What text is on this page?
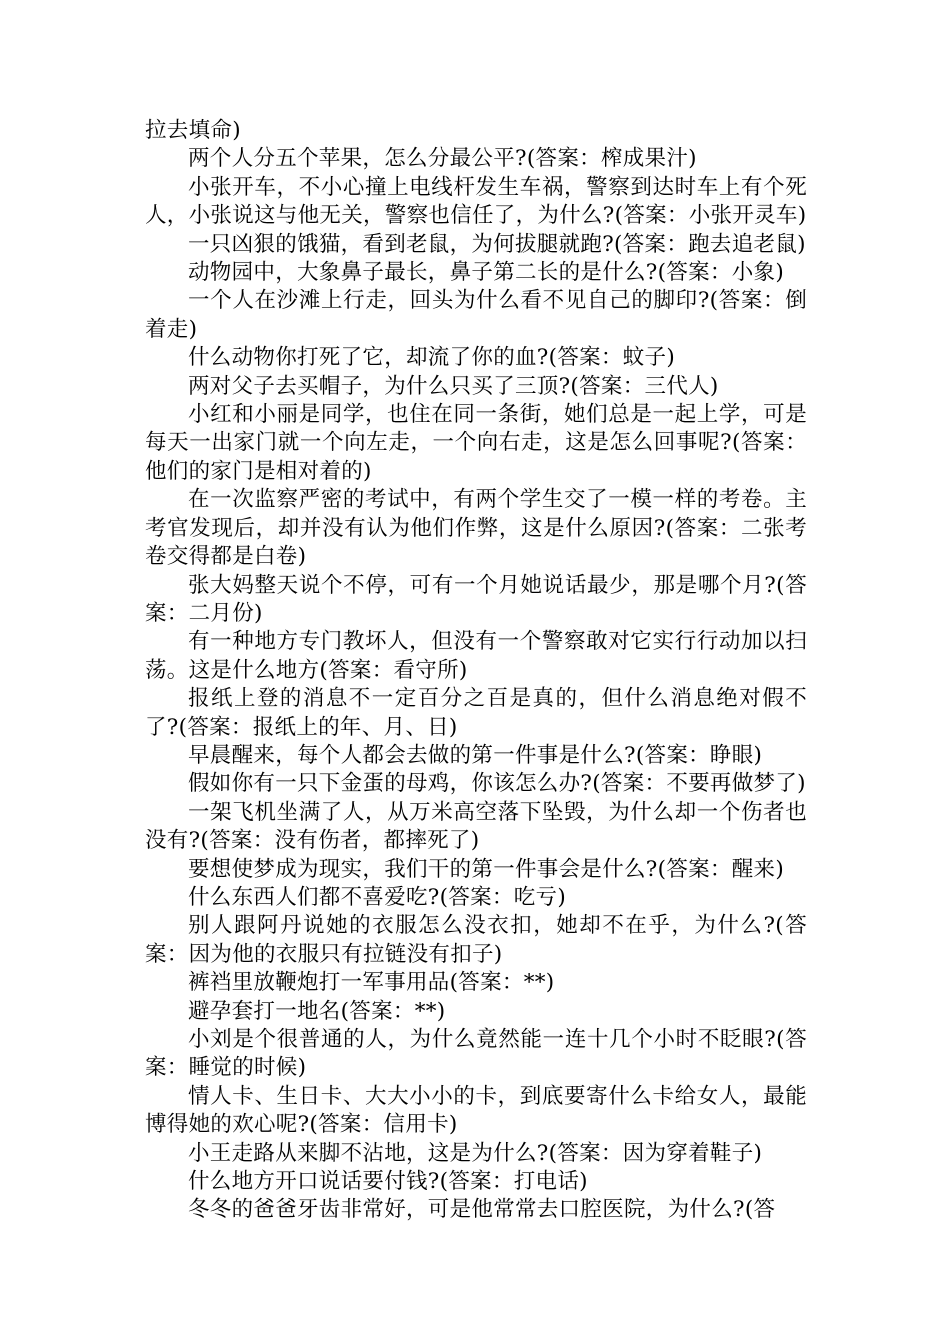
拉去填命)

两个人分五个苹果，怎么分最公平?(答案：榨成果汁)

小张开车，不小心撞上电线杆发生车祸，警察到达时车上有个死人，小张说这与他无关，警察也信任了，为什么?(答案：小张开灵车)

一只凶狠的饿猫，看到老鼠，为何拔腿就跑?(答案：跑去追老鼠)

动物园中，大象鼻子最长，鼻子第二长的是什么?(答案：小象)

一个人在沙滩上行走，回头为什么看不见自己的脚印?(答案：倒着走)

什么动物你打死了它，却流了你的血?(答案：蚊子)

两对父子去买帽子，为什么只买了三顶?(答案：三代人)

小红和小丽是同学，也住在同一条街，她们总是一起上学，可是每天一出家门就一个向左走，一个向右走，这是怎么回事呢?(答案：他们的家门是相对着的)

在一次监察严密的考试中，有两个学生交了一模一样的考卷。主考官发现后，却并没有认为他们作弊，这是什么原因?(答案：二张考卷交得都是白卷)

张大妈整天说个不停，可有一个月她说话最少，那是哪个月?(答案：二月份)

有一种地方专门教坏人，但没有一个警察敢对它实行行动加以扫荡。这是什么地方(答案：看守所)

报纸上登的消息不一定百分之百是真的，但什么消息绝对假不了?(答案：报纸上的年、月、日)

早晨醒来，每个人都会去做的第一件事是什么?(答案：睁眼)

假如你有一只下金蛋的母鸡，你该怎么办?(答案：不要再做梦了)

一架飞机坐满了人，从万米高空落下坠毁，为什么却一个伤者也没有?(答案：没有伤者，都摔死了)

要想使梦成为现实，我们干的第一件事会是什么?(答案：醒来)

什么东西人们都不喜爱吃?(答案：吃亏)

别人跟阿丹说她的衣服怎么没衣扣，她却不在乎，为什么?(答案：因为他的衣服只有拉链没有扣子)

裤裆里放鞭炮打一军事用品(答案：**)

避孕套打一地名(答案：**)

小刘是个很普通的人，为什么竟然能一连十几个小时不眨眼?(答案：睡觉的时候)

情人卡、生日卡、大大小小的卡，到底要寄什么卡给女人，最能博得她的欢心呢?(答案：信用卡)

小王走路从来脚不沾地，这是为什么?(答案：因为穿着鞋子)

什么地方开口说话要付钱?(答案：打电话)

冬冬的爸爸牙齿非常好，可是他常常去口腔医院，为什么?(答
